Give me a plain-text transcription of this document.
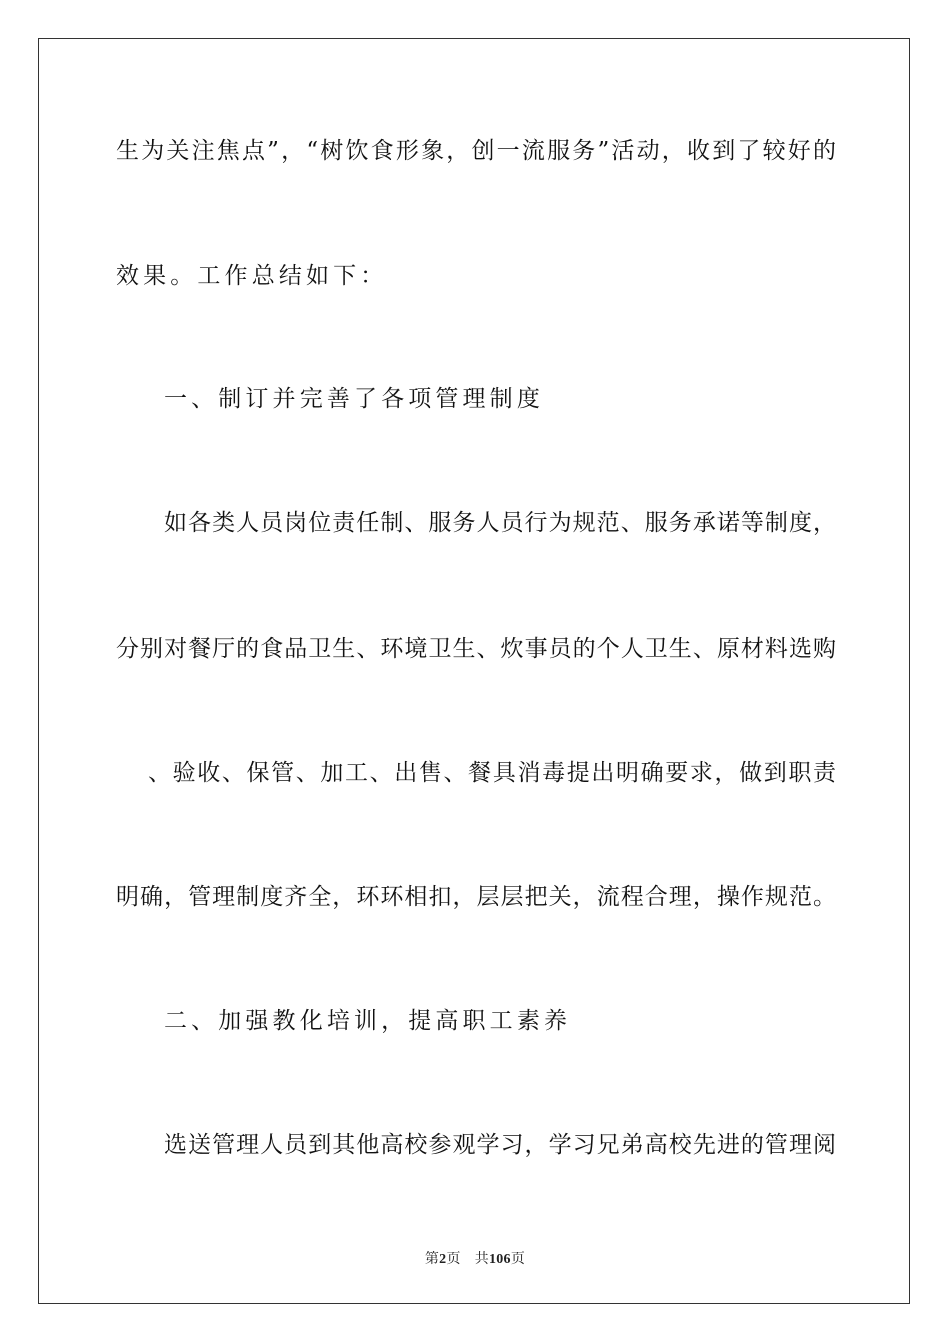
生为关注焦点”，“树饮食形象，创一流服务”活动，收到了较好的
效果。工作总结如下：
一、制订并完善了各项管理制度
如各类人员岗位责任制、服务人员行为规范、服务承诺等制度，
分别对餐厅的食品卫生、环境卫生、炊事员的个人卫生、原材料选购
、验收、保管、加工、出售、餐具消毒提出明确要求，做到职责
明确，管理制度齐全，环环相扣，层层把关，流程合理，操作规范。
二、加强教化培训，提高职工素养
选送管理人员到其他高校参观学习，学习兄弟高校先进的管理阅
第2页 共106页
